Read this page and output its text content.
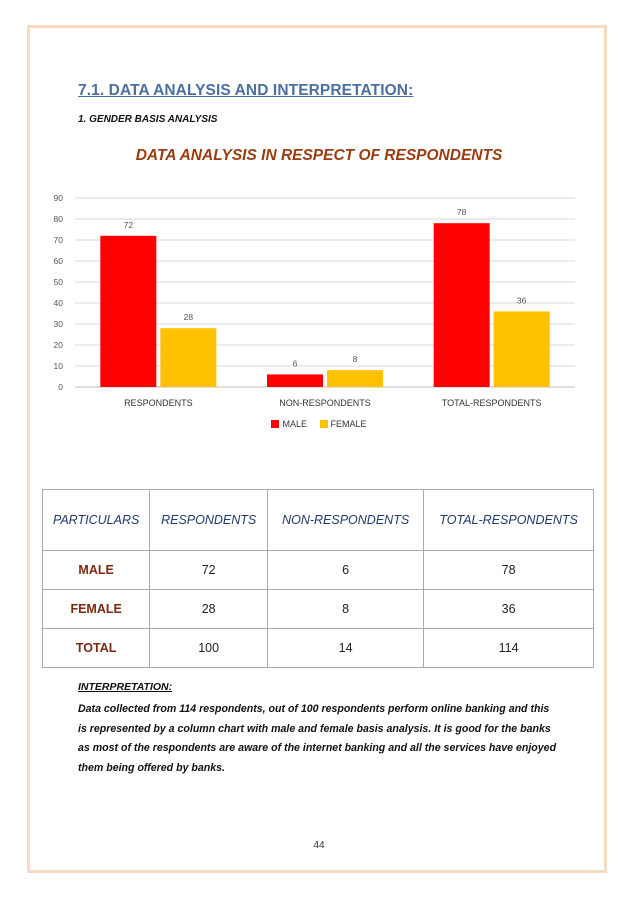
7.1. DATA ANALYSIS AND INTERPRETATION:
1. GENDER BASIS ANALYSIS
DATA ANALYSIS IN RESPECT OF RESPONDENTS
0
10
20
30
40
50
60
70
80
90
72
28
RESPONDENTS
6	8
NON-RESPONDENTS
78
36
TOTAL-RESPONDENTS
MALE	FEMALE
PARTICULARS	RESPONDENTS	NON-RESPONDENTS	TOTAL-RESPONDENTS
MALE	72	6	78
FEMALE	28	8	36
TOTAL	100	14	114
INTERPRETATION:
Data collected from 114 respondents, out of 100 respondents perform online banking and this is represented by a column chart with male and female basis analysis. It is good for the banks as most of the respondents are aware of the internet banking and all the services have enjoyed them being offered by banks.
44
